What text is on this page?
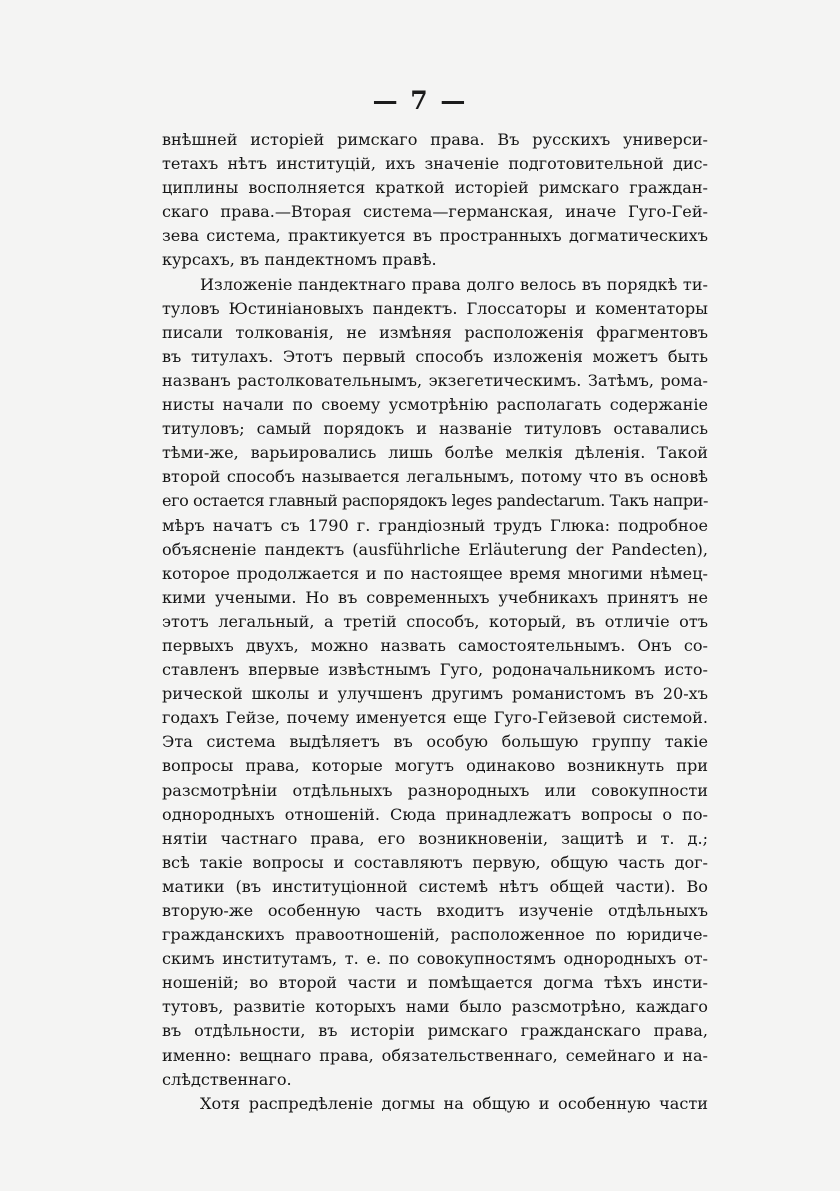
— 7 —
внѣшней исторіей римскаго права. Въ русскихъ универси-
тетахъ нѣтъ институцій, ихъ значеніе подготовительной дис-
циплины восполняется краткой исторіей римскаго граждан-
скаго права.—Вторая система—германская, иначе Гуго-Гей-
зева система, практикуется въ пространныхъ догматическихъ
курсахъ, въ пандектномъ правѣ.
Изложеніе пандектнаго права долго велось въ порядкѣ ти-
туловъ Юстиніановыхъ пандектъ. Глоссаторы и коментаторы
писали толкованія, не измѣняя расположенія фрагментовъ
въ титулахъ. Этотъ первый способъ изложенія можетъ быть
названъ растолковательнымъ, экзегетическимъ. Затѣмъ, рома-
нисты начали по своему усмотрѣнію располагать содержаніе
титуловъ; самый порядокъ и названіе титуловъ оставались
тѣми-же, варьировались лишь болѣе мелкія дѣленія. Такой
второй способъ называется легальнымъ, потому что въ основѣ
его остается главный распорядокъ leges pandectarum. Такъ напри-
мѣръ начатъ съ 1790 г. грандіозный трудъ Глюка: подробное
объясненіе пандектъ (ausführliche Erläuterung der Pandecten),
которое продолжается и по настоящее время многими нѣмец-
кими учеными. Но въ современныхъ учебникахъ принятъ не
этотъ легальный, а третій способъ, который, въ отличіе отъ
первыхъ двухъ, можно назвать самостоятельнымъ. Онъ со-
ставленъ впервые извѣстнымъ Гуго, родоначальникомъ исто-
рической школы и улучшенъ другимъ романистомъ въ 20-хъ
годахъ Гейзе, почему именуется еще Гуго-Гейзевой системой.
Эта система выдѣляетъ въ особую большую группу такіе
вопросы права, которые могутъ одинаково возникнуть при
разсмотрѣніи отдѣльныхъ разнородныхъ или совокупности
однородныхъ отношеній. Сюда принадлежатъ вопросы о по-
нятіи частнаго права, его возникновеніи, защитѣ и т. д.;
всѣ такіе вопросы и составляютъ первую, общую часть дог-
матики (въ институціонной системѣ нѣтъ общей части). Во
вторую-же особенную часть входитъ изученіе отдѣльныхъ
гражданскихъ правоотношеній, расположенное по юридиче-
скимъ институтамъ, т. е. по совокупностямъ однородныхъ от-
ношеній; во второй части и помѣщается догма тѣхъ инсти-
тутовъ, развитіе которыхъ нами было разсмотрѣно, каждаго
въ отдѣльности, въ исторіи римскаго гражданскаго права,
именно: вещнаго права, обязательственнаго, семейнаго и на-
слѣдственнаго.
Хотя распредѣленіе догмы на общую и особенную части
